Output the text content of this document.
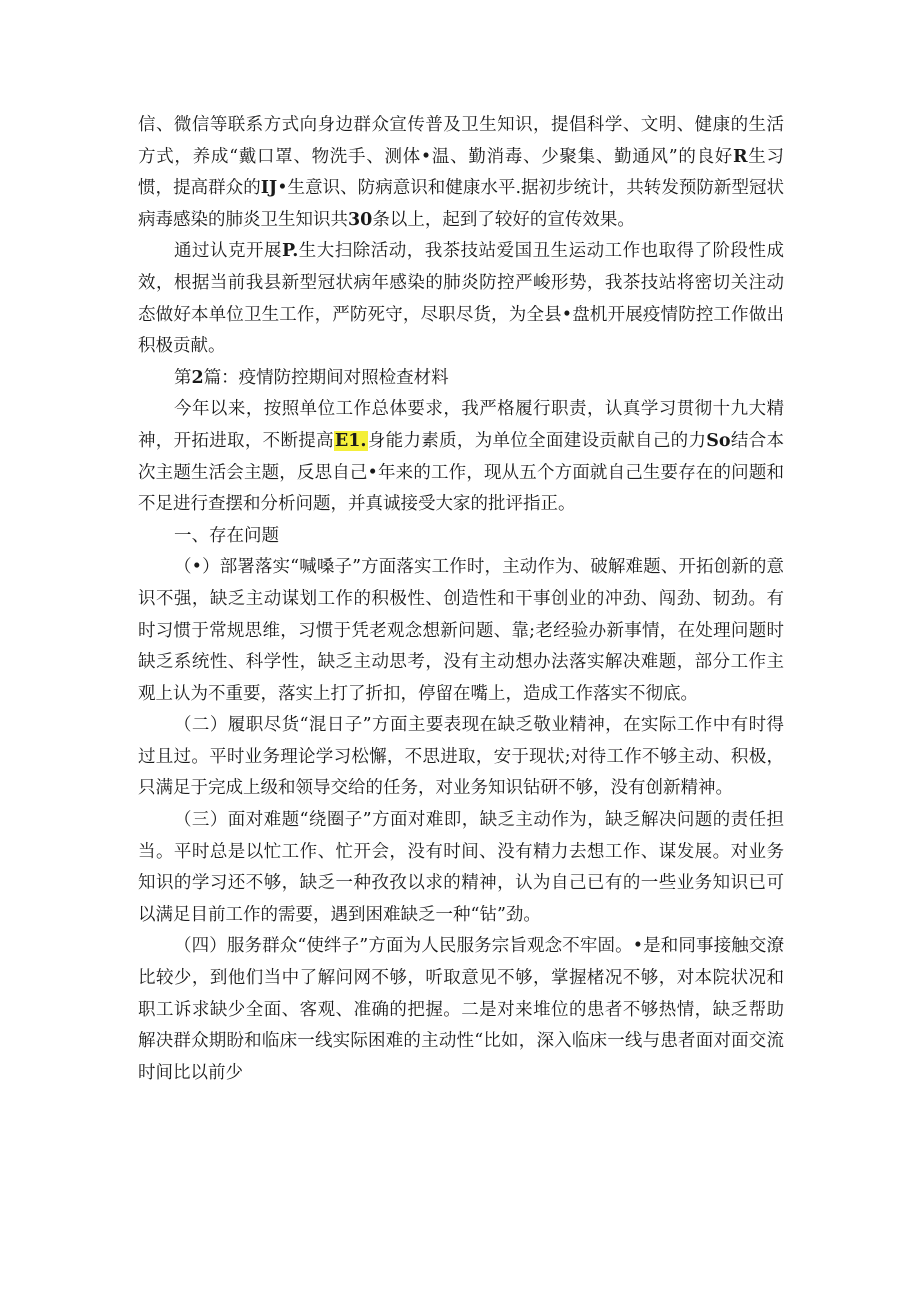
信、微信等联系方式向身边群众宣传普及卫生知识，提倡科学、文明、健康的生活方式，养成“戴口罩、物洗手、测体•温、勤消毒、少聚集、勤通风”的良好R生习惯，提高群众的IJ•生意识、防病意识和健康水平.据初步统计，共转发预防新型冠状病毒感染的肺炎卫生知识共30条以上，起到了较好的宣传效果。

通过认克开展P.生大扫除活动，我茶技站爱国丑生运动工作也取得了阶段性成效，根据当前我县新型冠状病年感染的肺炎防控严峻形势，我茶技站将密切关注动态做好本单位卫生工作，严防死守，尽职尽货，为全县•盘机开展疫情防控工作做出积极贡献。

第2篇：疫情防控期间对照检查材料

今年以来，按照单位工作总体要求，我严格履行职责，认真学习贯彻十九大精神，开拓进取，不断提高E1.身能力素质，为单位全面建设贡献自己的力So结合本次主题生活会主题，反思自己•年来的工作，现从五个方面就自己生要存在的问题和不足进行查摆和分析问题，并真诚接受大家的批评指正。

一、存在问题

（•）部署落实“喊嗓子”方面落实工作时，主动作为、破解难题、开拓创新的意识不强，缺乏主动谋划工作的积极性、创造性和干事创业的冲劲、闯劲、韧劲。有时习惯于常规思维，习惯于凭老观念想新问题、靠;老经验办新事情，在处理问题时缺乏系统性、科学性，缺乏主动思考，没有主动想办法落实解决难题，部分工作主观上认为不重要，落实上打了折扣，停留在嘴上，造成工作落实不彻底。

（二）履职尽货“混日子”方面主要表现在缺乏敬业精神，在实际工作中有时得过且过。平时业务理论学习松懈，不思进取，安于现状;对待工作不够主动、积极，只满足于完成上级和领导交给的任务，对业务知识钻研不够，没有创新精神。

（三）面对难题“绕圈子”方面对难即，缺乏主动作为，缺乏解决问题的责任担当。平时总是以忙工作、忙开会，没有时间、没有精力去想工作、谋发展。对业务知识的学习还不够，缺乏一种孜孜以求的精神，认为自己已有的一些业务知识已可以满足目前工作的需要，遇到困难缺乏一种“钻”劲。

（四）服务群众“使绊子”方面为人民服务宗旨观念不牢固。•是和同事接触交潦比较少，到他们当中了解问网不够，听取意见不够，掌握楮况不够，对本院状况和职工诉求缺少全面、客观、准确的把握。二是对来堆位的患者不够热情，缺乏帮助解决群众期盼和临床一线实际困难的主动性“比如，深入临床一线与患者面对面交流时间比以前少
